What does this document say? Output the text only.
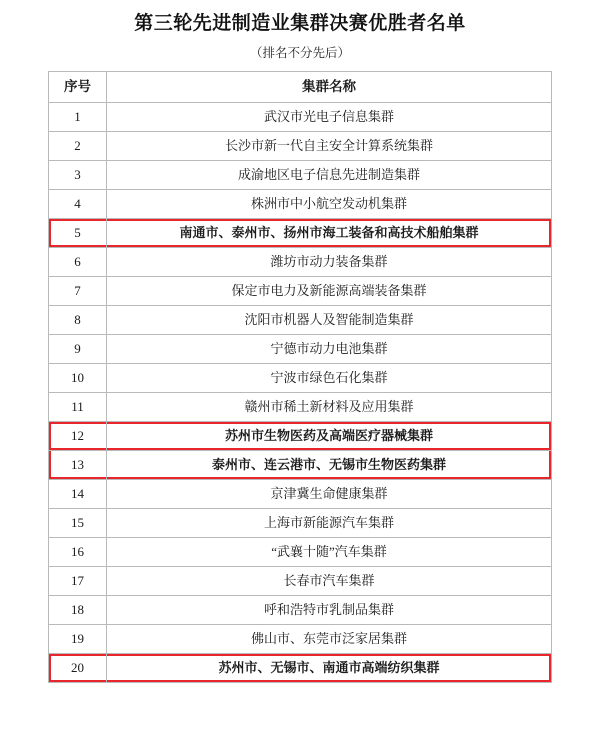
第三轮先进制造业集群决赛优胜者名单
（排名不分先后）
序号	集群名称
1	武汉市光电子信息集群
2	长沙市新一代自主安全计算系统集群
3	成渝地区电子信息先进制造集群
4	株洲市中小航空发动机集群
5	南通市、泰州市、扬州市海工装备和高技术船舶集群
6	潍坊市动力装备集群
7	保定市电力及新能源高端装备集群
8	沈阳市机器人及智能制造集群
9	宁德市动力电池集群
10	宁波市绿色石化集群
11	赣州市稀土新材料及应用集群
12	苏州市生物医药及高端医疗器械集群
13	泰州市、连云港市、无锡市生物医药集群
14	京津冀生命健康集群
15	上海市新能源汽车集群
16	“武襄十随”汽车集群
17	长春市汽车集群
18	呼和浩特市乳制品集群
19	佛山市、东莞市泛家居集群
20	苏州市、无锡市、南通市高端纺织集群
